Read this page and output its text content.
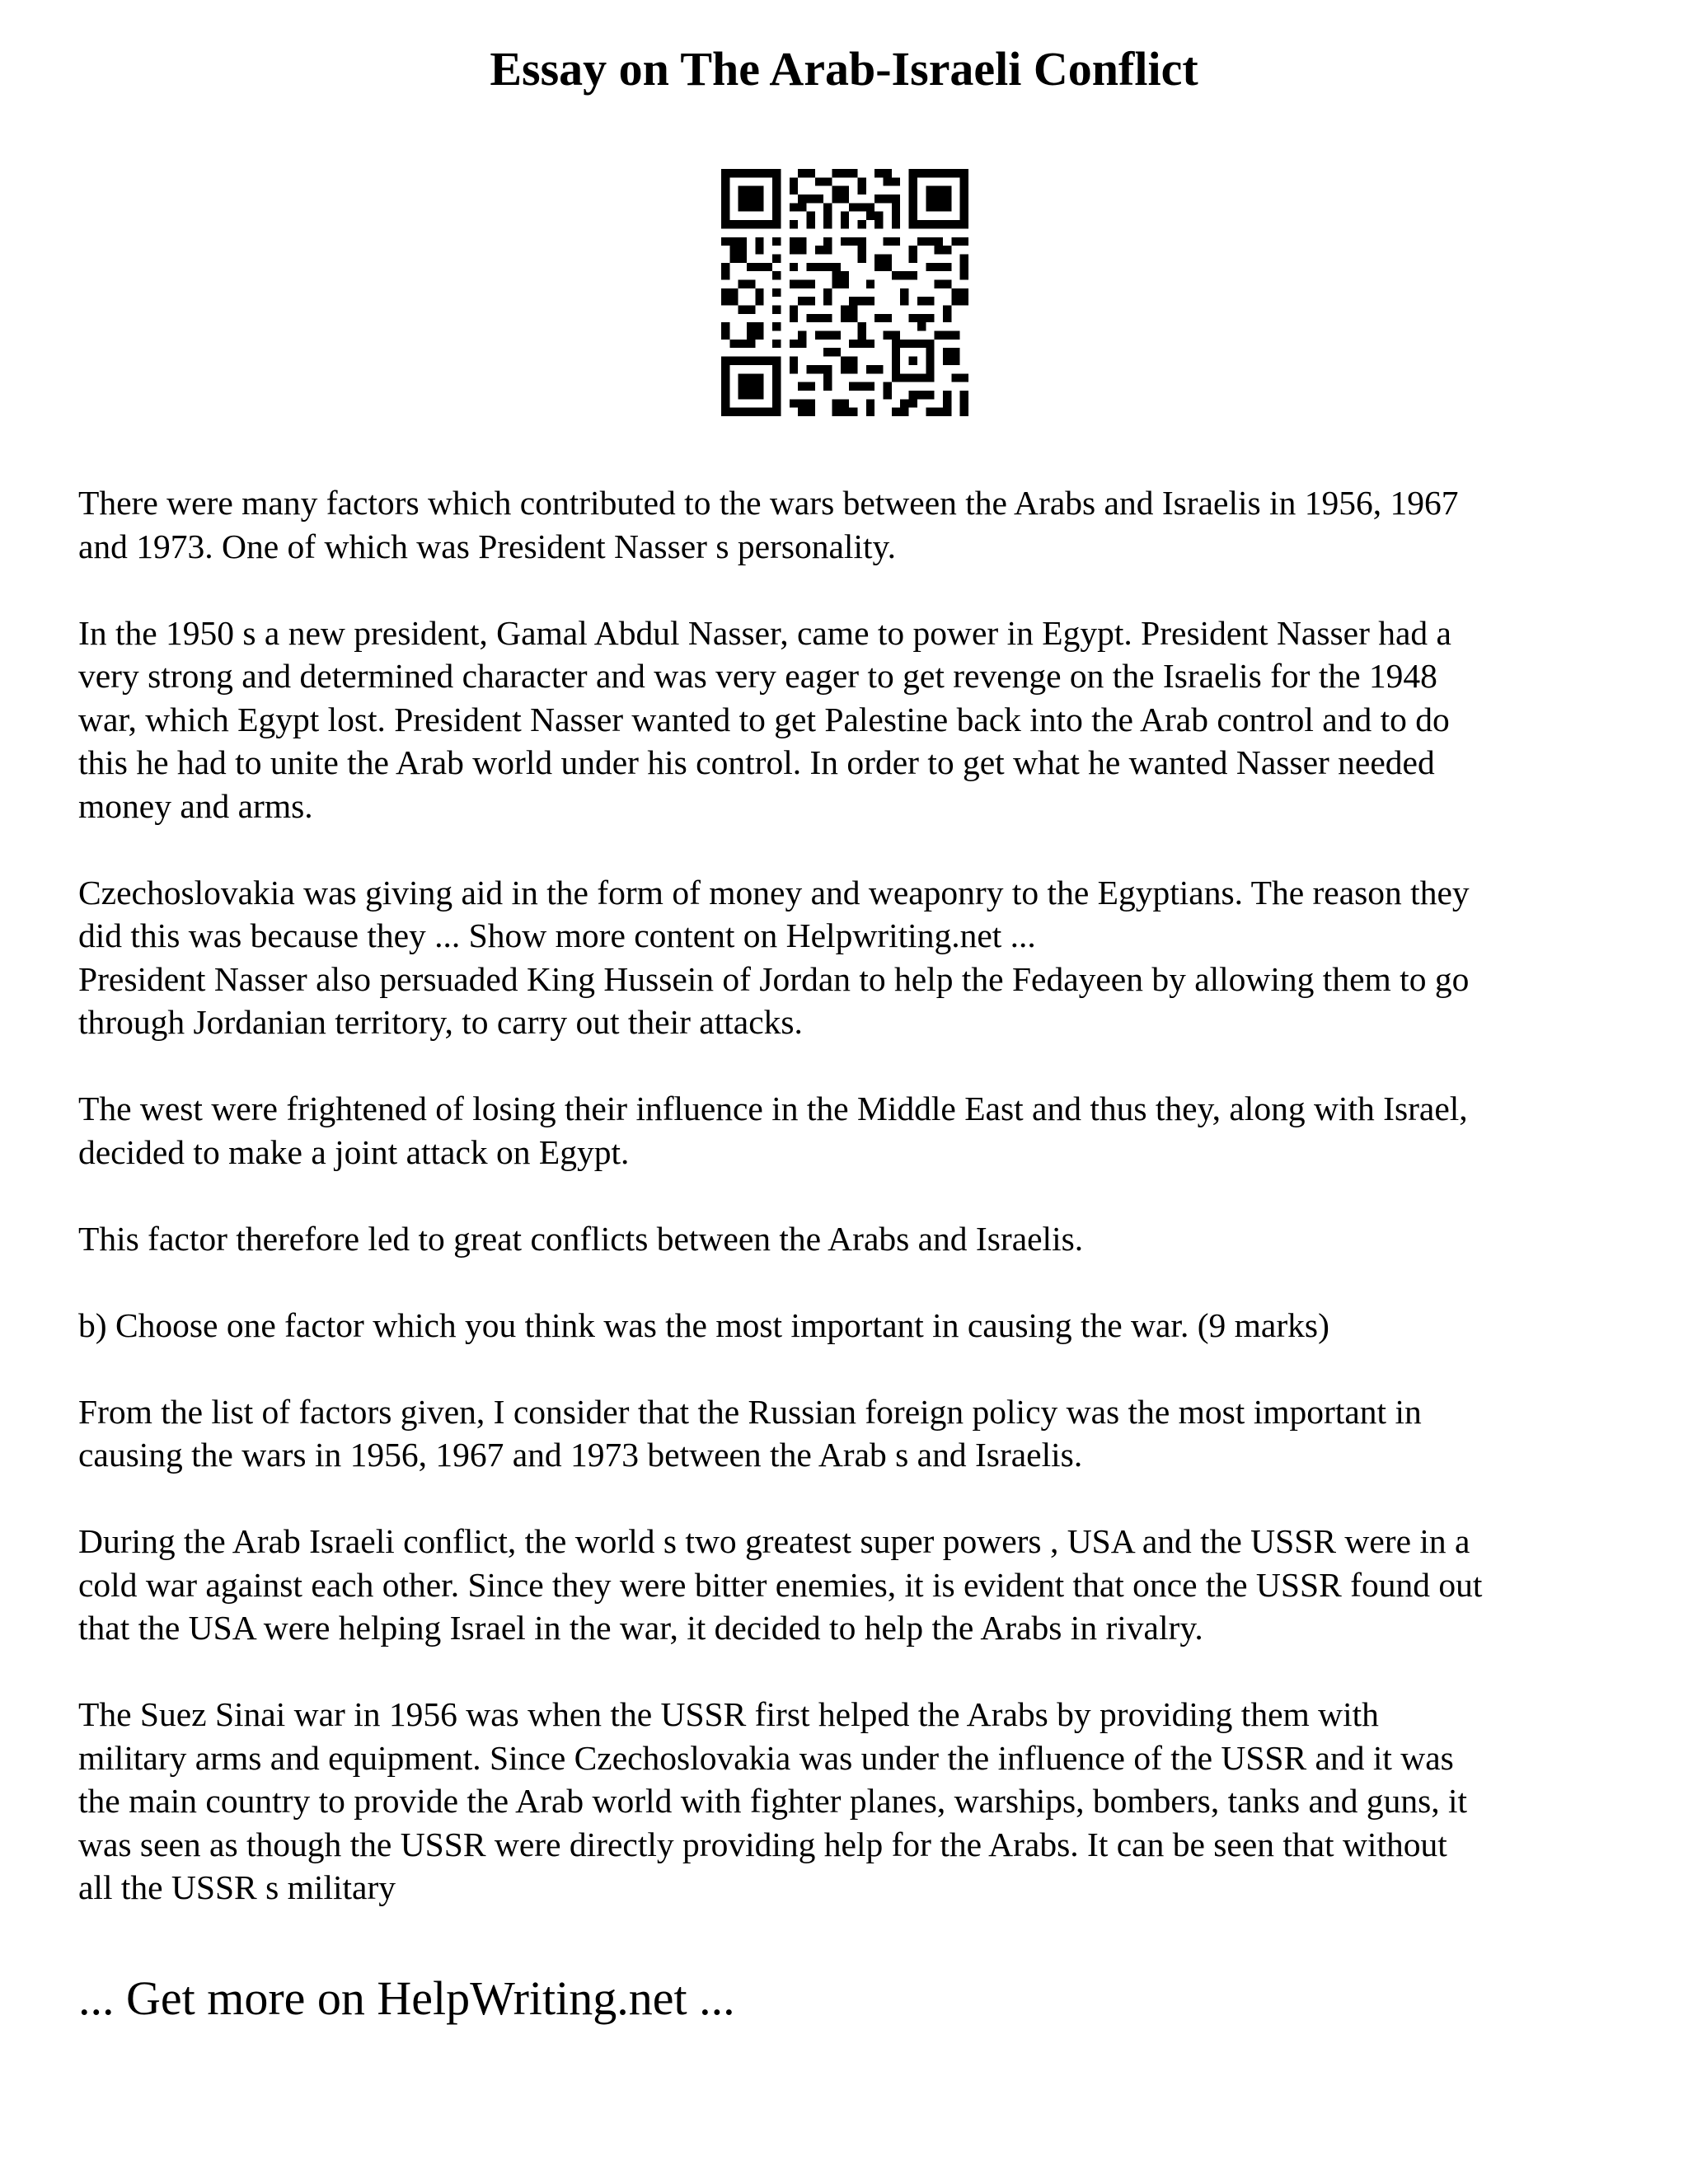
Essay on The Arab-Israeli Conflict

There were many factors which contributed to the wars between the Arabs and Israelis in 1956, 1967
and 1973. One of which was President Nasser s personality.

In the 1950 s a new president, Gamal Abdul Nasser, came to power in Egypt. President Nasser had a
very strong and determined character and was very eager to get revenge on the Israelis for the 1948
war, which Egypt lost. President Nasser wanted to get Palestine back into the Arab control and to do
this he had to unite the Arab world under his control. In order to get what he wanted Nasser needed
money and arms.

Czechoslovakia was giving aid in the form of money and weaponry to the Egyptians. The reason they
did this was because they ... Show more content on Helpwriting.net ...
President Nasser also persuaded King Hussein of Jordan to help the Fedayeen by allowing them to go
through Jordanian territory, to carry out their attacks.

The west were frightened of losing their influence in the Middle East and thus they, along with Israel,
decided to make a joint attack on Egypt.

This factor therefore led to great conflicts between the Arabs and Israelis.

b) Choose one factor which you think was the most important in causing the war. (9 marks)

From the list of factors given, I consider that the Russian foreign policy was the most important in
causing the wars in 1956, 1967 and 1973 between the Arab s and Israelis.

During the Arab Israeli conflict, the world s two greatest super powers , USA and the USSR were in a
cold war against each other. Since they were bitter enemies, it is evident that once the USSR found out
that the USA were helping Israel in the war, it decided to help the Arabs in rivalry.

The Suez Sinai war in 1956 was when the USSR first helped the Arabs by providing them with
military arms and equipment. Since Czechoslovakia was under the influence of the USSR and it was
the main country to provide the Arab world with fighter planes, warships, bombers, tanks and guns, it
was seen as though the USSR were directly providing help for the Arabs. It can be seen that without
all the USSR s military

... Get more on HelpWriting.net ...
